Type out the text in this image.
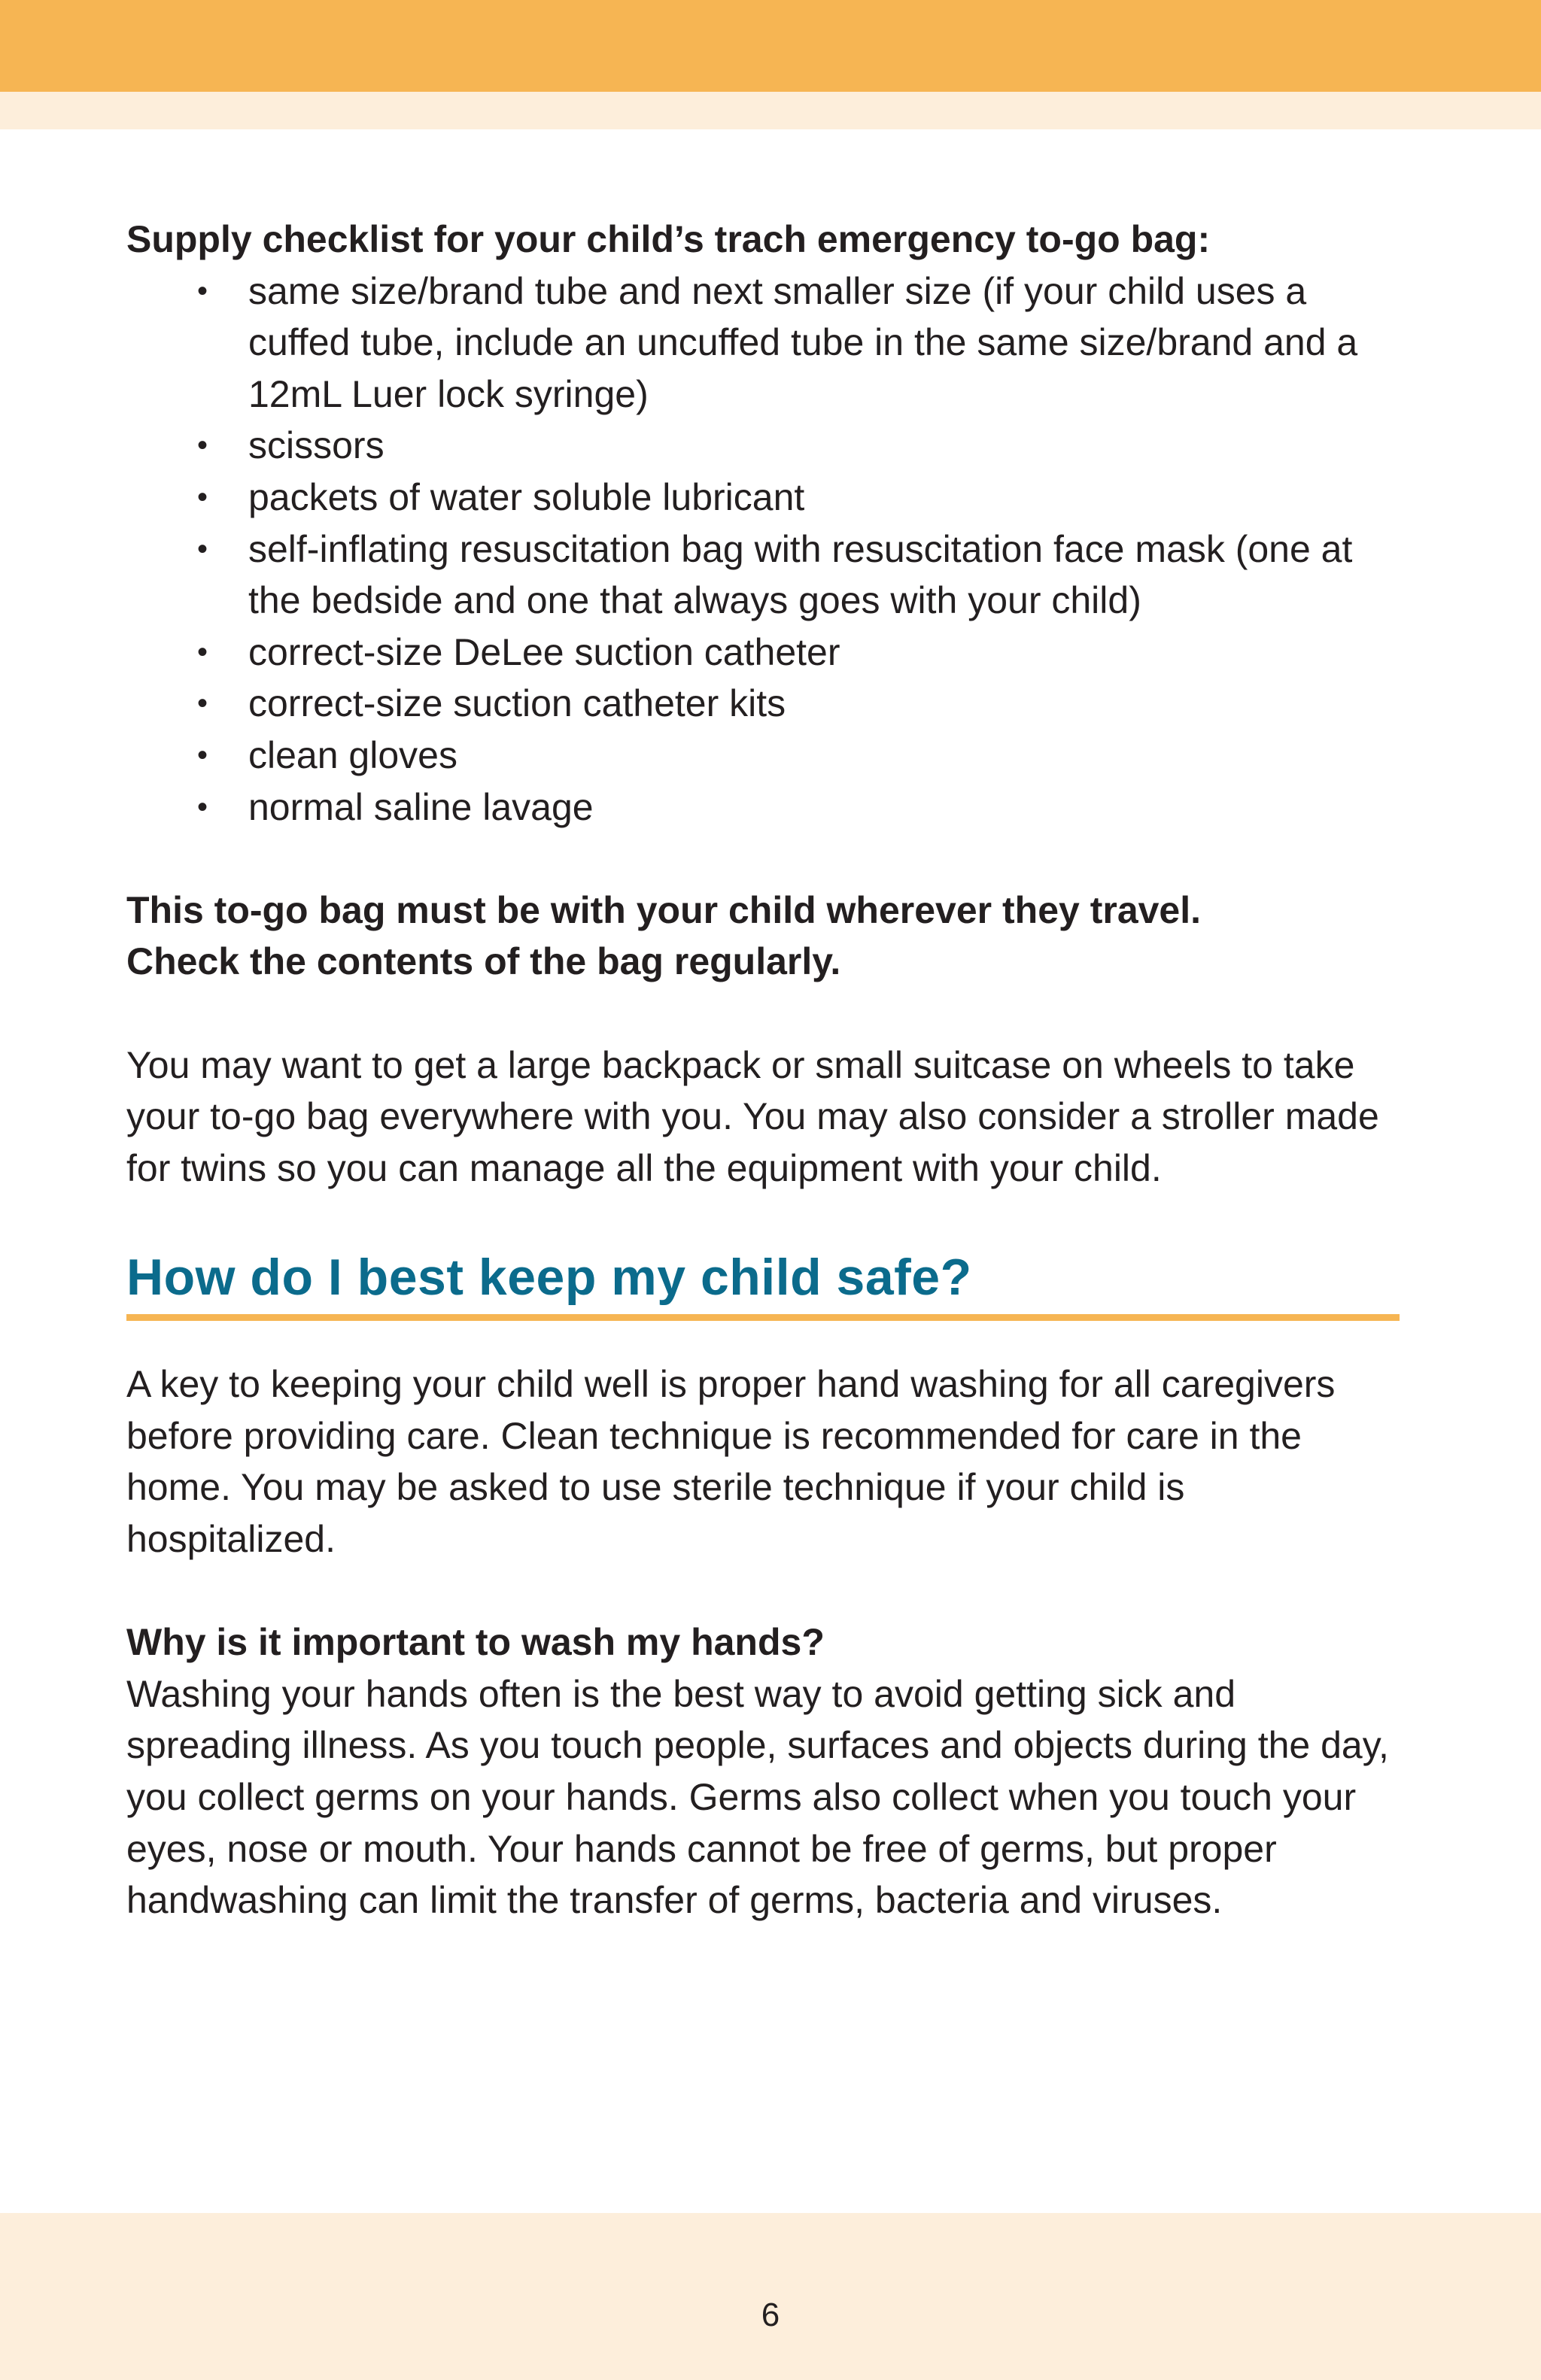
Supply checklist for your child’s trach emergency to-go bag:

• same size/brand tube and next smaller size (if your child uses a cuffed tube, include an uncuffed tube in the same size/brand and a 12mL Luer lock syringe)
• scissors
• packets of water soluble lubricant
• self-inflating resuscitation bag with resuscitation face mask (one at the bedside and one that always goes with your child)
• correct-size DeLee suction catheter
• correct-size suction catheter kits
• clean gloves
• normal saline lavage

This to-go bag must be with your child wherever they travel.

Check the contents of the bag regularly.

You may want to get a large backpack or small suitcase on wheels to take your to-go bag everywhere with you. You may also consider a stroller made for twins so you can manage all the equipment with your child.

How do I best keep my child safe?

A key to keeping your child well is proper hand washing for all caregivers before providing care. Clean technique is recommended for care in the home. You may be asked to use sterile technique if your child is hospitalized.

Why is it important to wash my hands?

Washing your hands often is the best way to avoid getting sick and spreading illness. As you touch people, surfaces and objects during the day, you collect germs on your hands. Germs also collect when you touch your eyes, nose or mouth. Your hands cannot be free of germs, but proper handwashing can limit the transfer of germs, bacteria and viruses.

6
